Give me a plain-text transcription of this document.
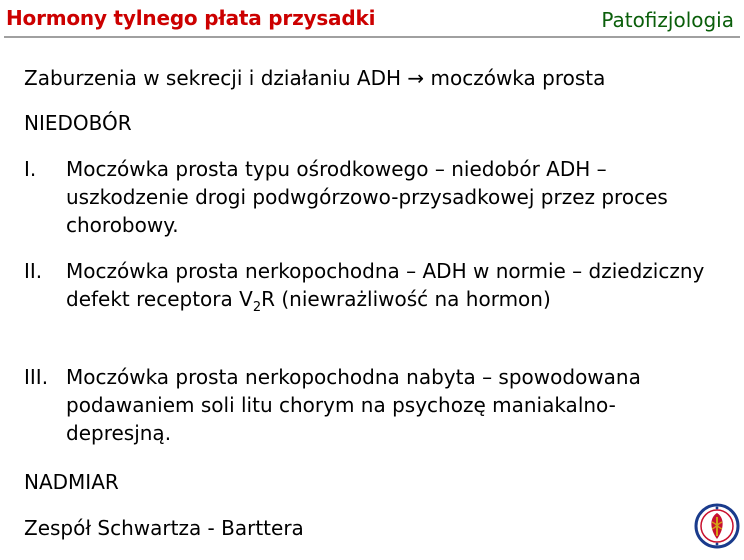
Hormony tylnego płata przysadki	Patofizjologia

Zaburzenia w sekrecji i działaniu ADH → moczówka prosta

NIEDOBÓR

I. Moczówka prosta typu ośrodkowego – niedobór ADH – uszkodzenie drogi podwgórzowo-przysadkowej przez proces chorobowy.
II. Moczówka prosta nerkopochodna – ADH w normie – dziedziczny defekt receptora $V_2R$ (niewrażliwość na hormon)
III. Moczówka prosta nerkopochodna nabyta – spowodowana podawaniem soli litu chorym na psychozę maniakalno-depresjną.

NADMIAR

Zespół Schwartza - Barttera
